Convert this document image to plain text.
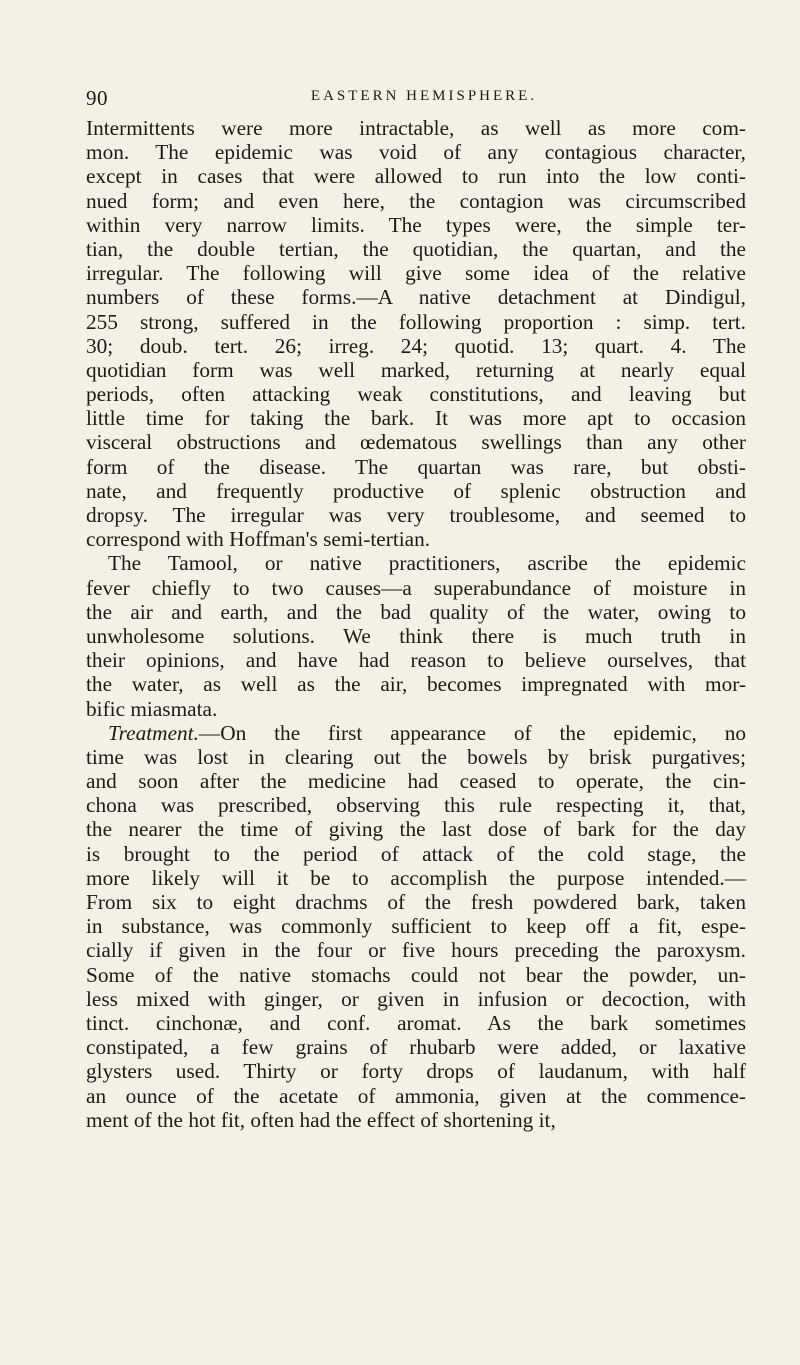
90	EASTERN HEMISPHERE.
Intermittents were more intractable, as well as more com-
mon. The epidemic was void of any contagious character,
except in cases that were allowed to run into the low conti-
nued form; and even here, the contagion was circumscribed
within very narrow limits. The types were, the simple ter-
tian, the double tertian, the quotidian, the quartan, and the
irregular. The following will give some idea of the relative
numbers of these forms.—A native detachment at Dindigul,
255 strong, suffered in the following proportion : simp. tert.
30; doub. tert. 26; irreg. 24; quotid. 13; quart. 4. The
quotidian form was well marked, returning at nearly equal
periods, often attacking weak constitutions, and leaving but
little time for taking the bark. It was more apt to occasion
visceral obstructions and œdematous swellings than any other
form of the disease. The quartan was rare, but obsti-
nate, and frequently productive of splenic obstruction and
dropsy. The irregular was very troublesome, and seemed to
correspond with Hoffman's semi-tertian.
The Tamool, or native practitioners, ascribe the epidemic
fever chiefly to two causes—a superabundance of moisture in
the air and earth, and the bad quality of the water, owing to
unwholesome solutions. We think there is much truth in
their opinions, and have had reason to believe ourselves, that
the water, as well as the air, becomes impregnated with mor-
bific miasmata.
Treatment.—On the first appearance of the epidemic, no
time was lost in clearing out the bowels by brisk purgatives;
and soon after the medicine had ceased to operate, the cin-
chona was prescribed, observing this rule respecting it, that,
the nearer the time of giving the last dose of bark for the day
is brought to the period of attack of the cold stage, the
more likely will it be to accomplish the purpose intended.—
From six to eight drachms of the fresh powdered bark, taken
in substance, was commonly sufficient to keep off a fit, espe-
cially if given in the four or five hours preceding the paroxysm.
Some of the native stomachs could not bear the powder, un-
less mixed with ginger, or given in infusion or decoction, with
tinct. cinchonæ, and conf. aromat. As the bark sometimes
constipated, a few grains of rhubarb were added, or laxative
glysters used. Thirty or forty drops of laudanum, with half
an ounce of the acetate of ammonia, given at the commence-
ment of the hot fit, often had the effect of shortening it,
